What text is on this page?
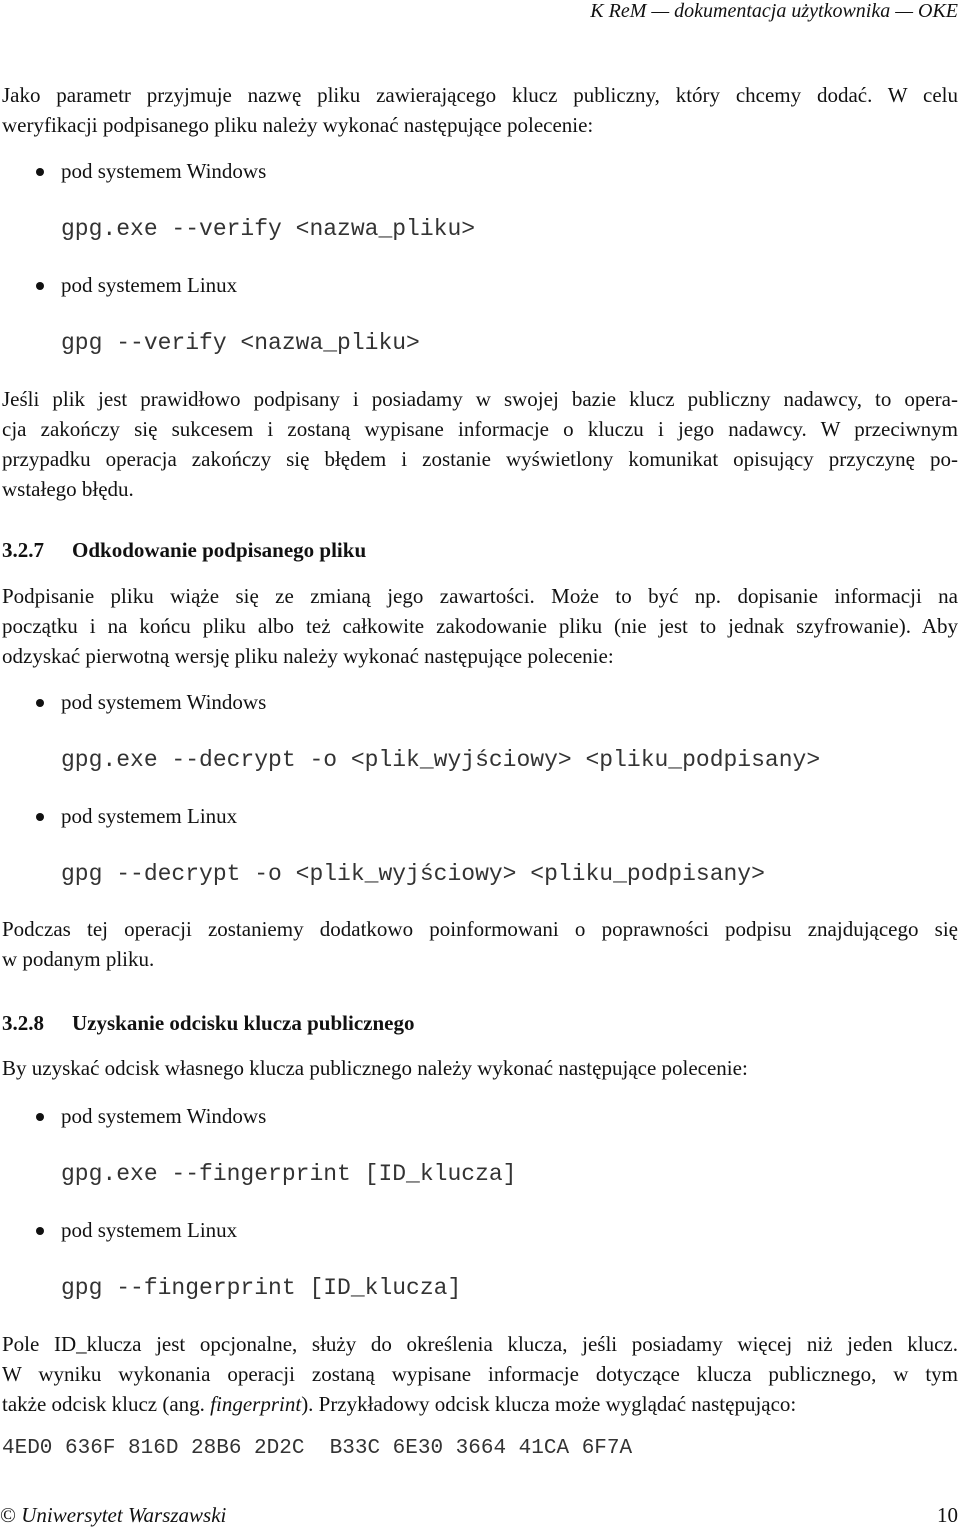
K ReM — dokumentacja użytkownika — OKE
Jako parametr przyjmuje nazwę pliku zawierającego klucz publiczny, który chcemy dodać. W celu
weryfikacji podpisanego pliku należy wykonać następujące polecenie:
pod systemem Windows
gpg.exe --verify <nazwa_pliku>
pod systemem Linux
gpg --verify <nazwa_pliku>
Jeśli plik jest prawidłowo podpisany i posiadamy w swojej bazie klucz publiczny nadawcy, to opera-
cja zakończy się sukcesem i zostaną wypisane informacje o kluczu i jego nadawcy. W przeciwnym
przypadku operacja zakończy się błędem i zostanie wyświetlony komunikat opisujący przyczynę po-
wstałego błędu.
3.2.7 Odkodowanie podpisanego pliku
Podpisanie pliku wiąże się ze zmianą jego zawartości. Może to być np. dopisanie informacji na
początku i na końcu pliku albo też całkowite zakodowanie pliku (nie jest to jednak szyfrowanie). Aby
odzyskać pierwotną wersję pliku należy wykonać następujące polecenie:
pod systemem Windows
gpg.exe --decrypt -o <plik_wyjściowy> <pliku_podpisany>
pod systemem Linux
gpg --decrypt -o <plik_wyjściowy> <pliku_podpisany>
Podczas tej operacji zostaniemy dodatkowo poinformowani o poprawności podpisu znajdującego się
w podanym pliku.
3.2.8 Uzyskanie odcisku klucza publicznego
By uzyskać odcisk własnego klucza publicznego należy wykonać następujące polecenie:
pod systemem Windows
gpg.exe --fingerprint [ID_klucza]
pod systemem Linux
gpg --fingerprint [ID_klucza]
Pole ID_klucza jest opcjonalne, służy do określenia klucza, jeśli posiadamy więcej niż jeden klucz.
W wyniku wykonania operacji zostaną wypisane informacje dotyczące klucza publicznego, w tym
także odcisk klucz (ang. fingerprint). Przykładowy odcisk klucza może wyglądać następująco:
4ED0 636F 816D 28B6 2D2C  B33C 6E30 3664 41CA 6F7A
© Uniwersytet Warszawski	10
